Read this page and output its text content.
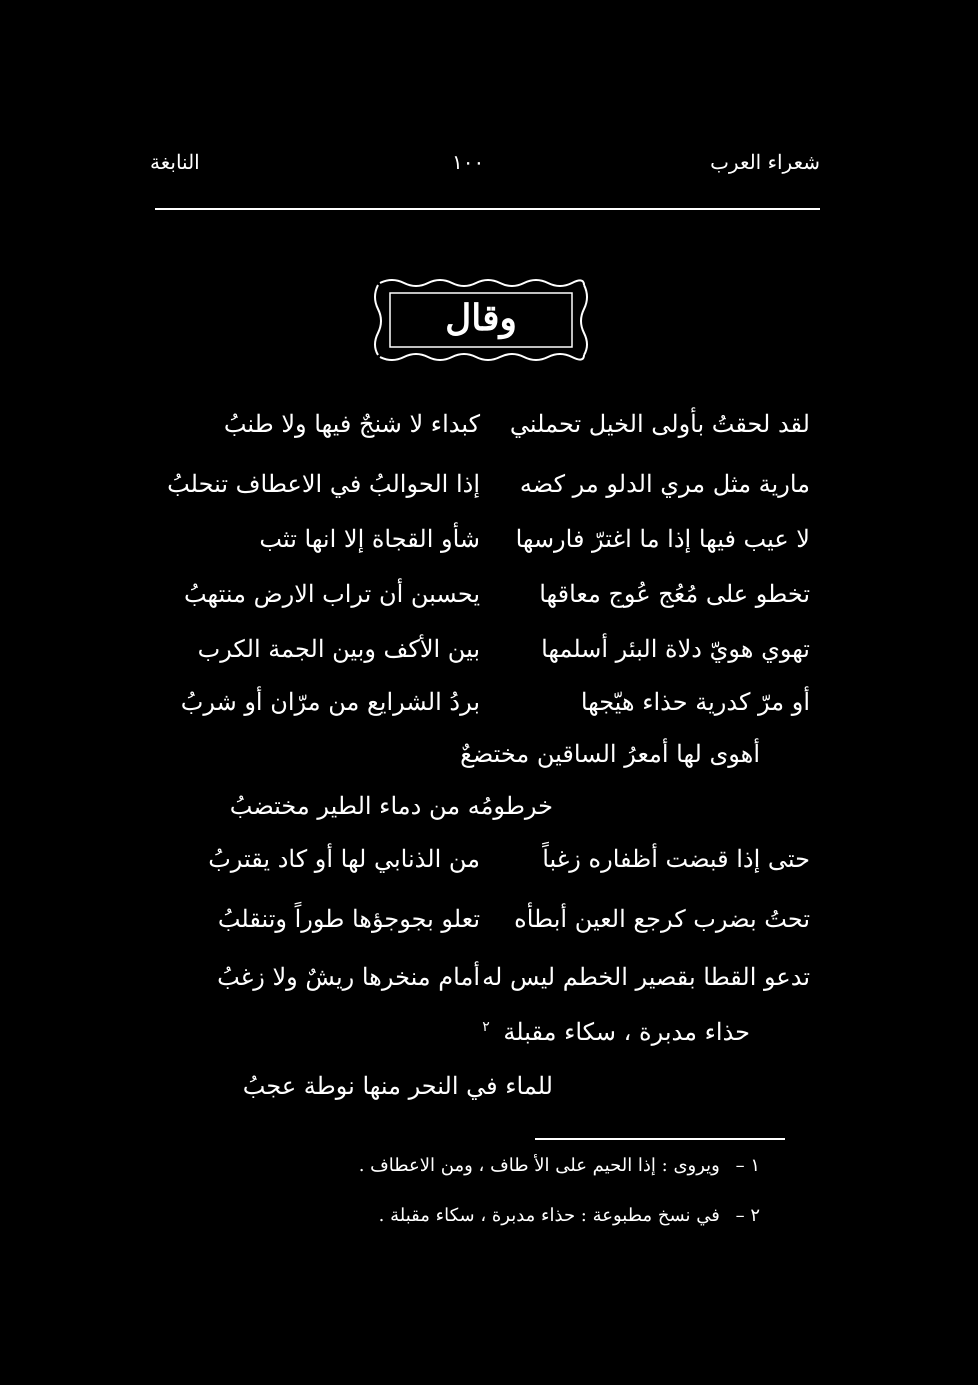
شعراء العرب
١٠٠
النابغة
وقال
لقد لحقتُ بأولى الخيل تحملني
كبداء لا شنجٌ فيها ولا طنبُ
مارية مثل مري الدلو مر كضه
إذا الحوالبُ في الاعطاف تنحلبُ
لا عيب فيها إذا ما اغترّ فارسها
شأو القجاة إلا انها تثب
تخطو على مُعُج عُوج معاقها
يحسبن أن تراب الارض منتهبُ
تهوي هويّ دلاة البئر أسلمها
بين الأكف وبين الجمة الكرب
أو مرّ كدرية حذاء هيّجها
بردُ الشرايع من مرّان أو شربُ
أهوى لها أمعرُ الساقين مختضعٌ
خرطومُه من دماء الطير مختضبُ
حتى إذا قبضت أظفاره زغباً
من الذنابي لها أو كاد يقتربُ
تحتُ بضرب كرجع العين أبطأه
تعلو بجوجؤها طوراً وتنقلبُ
تدعو القطا بقصير الخطم ليس له
أمام منخرها ريشٌ ولا زغبُ
حذاء مدبرة ، سكاء مقبلة $^٢$
للماء في النحر منها نوطة عجبُ
١ – ويروى : إذا الحيم على الأ طاف ، ومن الاعطاف .
٢ – في نسخ مطبوعة : حذاء مدبرة ، سكاء مقبلة .
